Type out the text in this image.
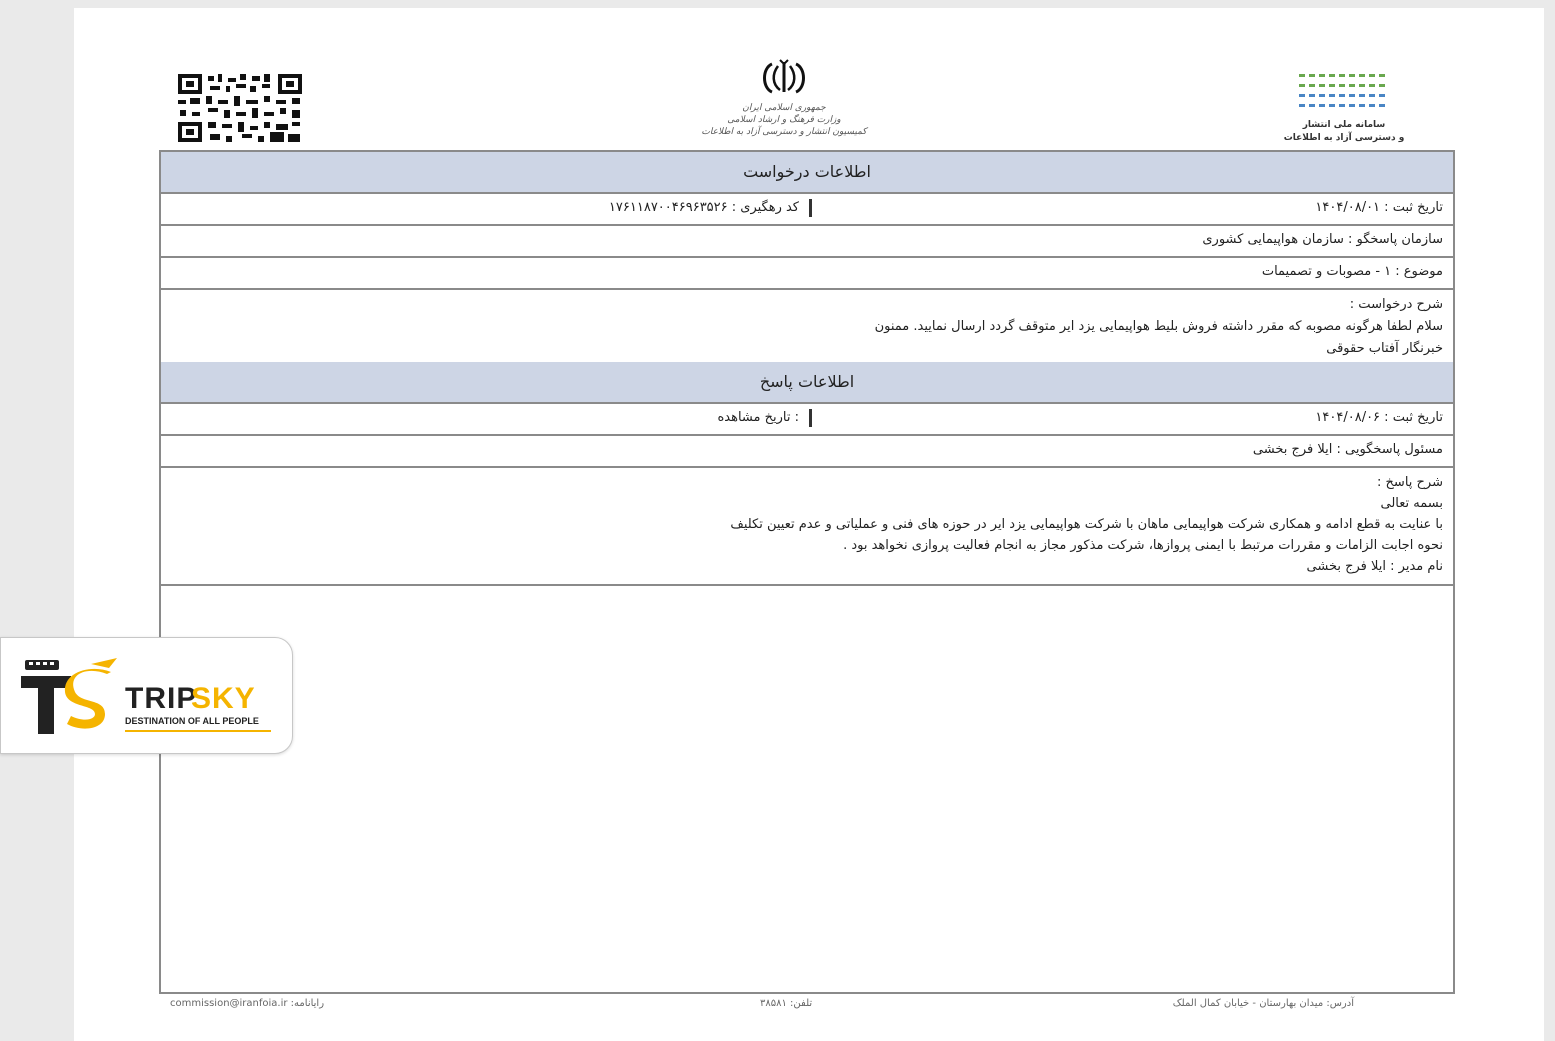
جمهوری اسلامی ایران
وزارت فرهنگ و ارشاد اسلامی
کمیسیون انتشار و دسترسی آزاد به اطلاعات
سامانه ملی انتشار
و دسترسی آزاد به اطلاعات
اطلاعات درخواست
تاریخ ثبت : ۱۴۰۴/۰۸/۰۱
کد رهگیری : ۱۷۶۱۱۸۷۰۰۴۶۹۶۳۵۲۶
سازمان پاسخگو : سازمان هواپیمایی کشوری
موضوع : ۱ - مصوبات و تصمیمات
شرح درخواست :
سلام لطفا هرگونه مصوبه که مقرر داشته فروش بلیط هواپیمایی یزد ایر متوقف گردد ارسال نمایید. ممنون
خبرنگار آفتاب حقوقی
اطلاعات پاسخ
تاریخ ثبت : ۱۴۰۴/۰۸/۰۶
: تاریخ مشاهده
مسئول پاسخگویی : ایلا فرج بخشی
شرح پاسخ :
بسمه تعالی
با عنایت به قطع ادامه و همکاری شرکت هواپیمایی ماهان با شرکت هواپیمایی یزد ایر در حوزه های فنی و عملیاتی و عدم تعیین تکلیف
نحوه اجابت الزامات و مقررات مرتبط با ایمنی پروازها، شرکت مذکور مجاز به انجام فعالیت پروازی نخواهد بود .
نام مدیر : ایلا فرج بخشی
آدرس: میدان بهارستان - خیابان کمال الملک
تلفن: ۳۸۵۸۱
رایانامه: commission@iranfoia.ir
TRIP
SKY
DESTINATION OF ALL PEOPLE
